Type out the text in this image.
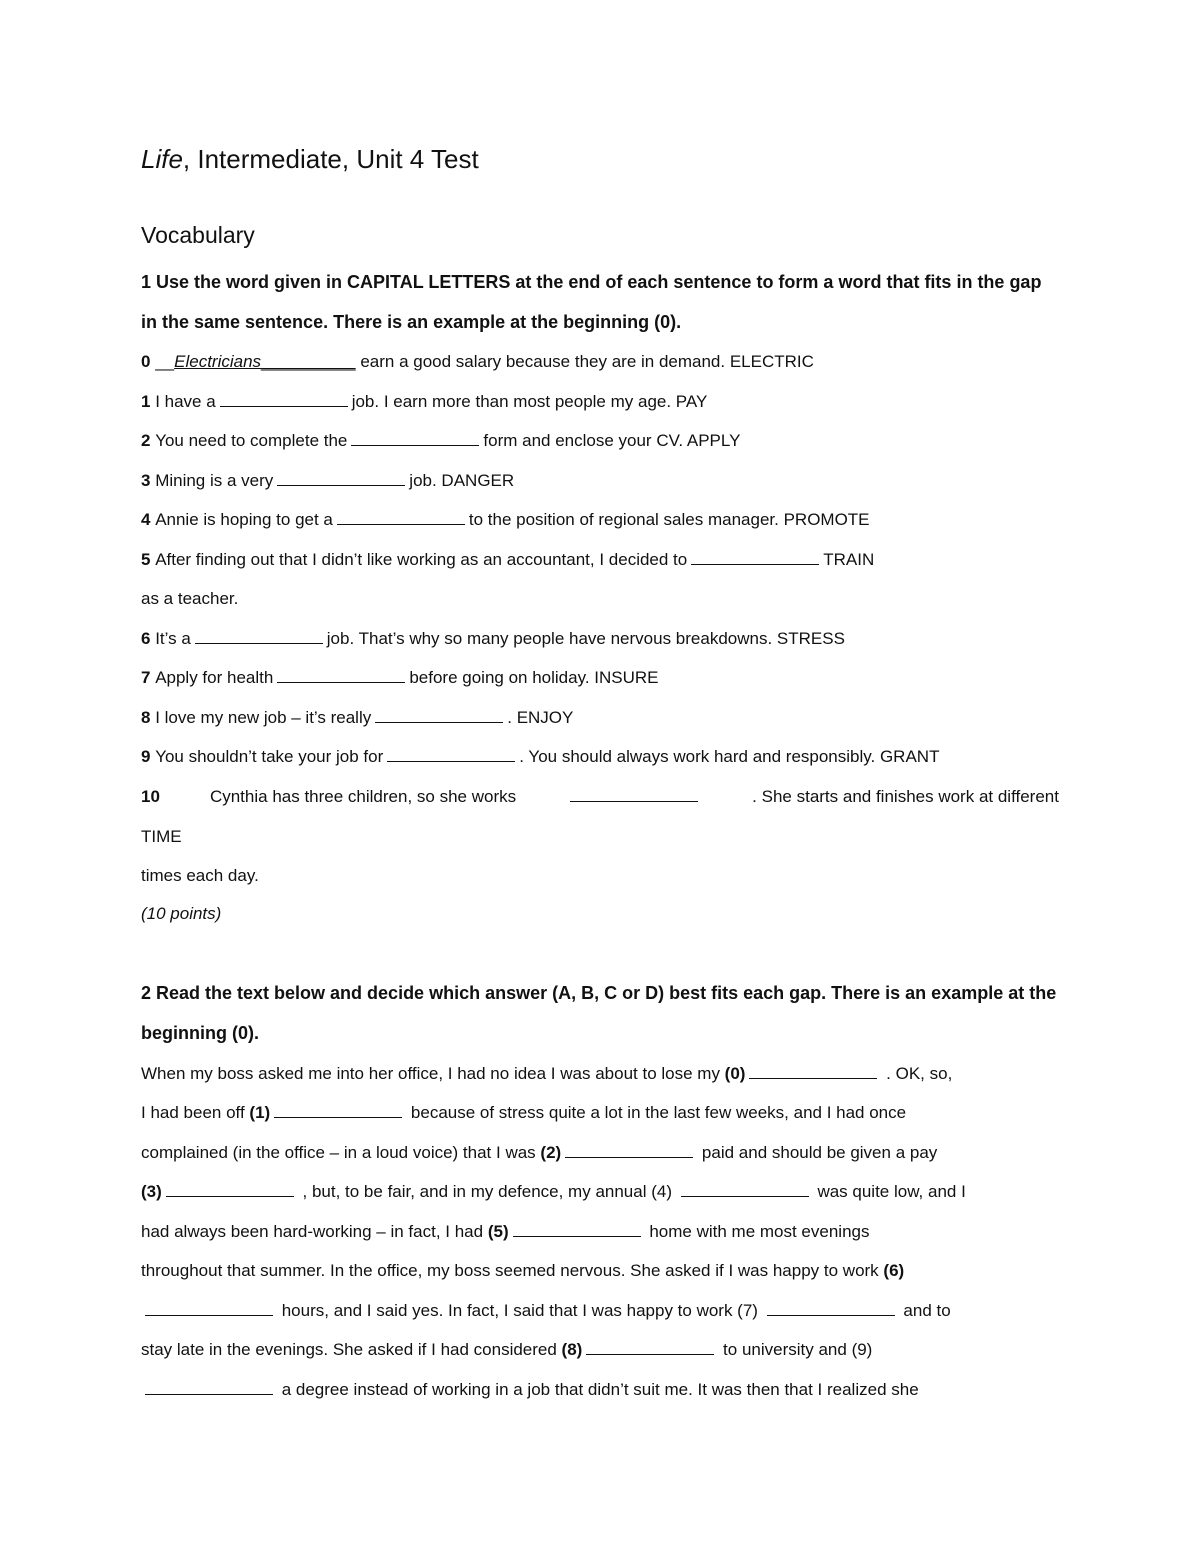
Life, Intermediate, Unit 4 Test
Vocabulary
1 Use the word given in CAPITAL LETTERS at the end of each sentence to form a word that fits in the gap in the same sentence. There is an example at the beginning (0).
0 __Electricians__________ earn a good salary because they are in demand. ELECTRIC
1 I have a	job. I earn more than most people my age. PAY
2 You need to complete the	form and enclose your CV. APPLY
3 Mining is a very	job. DANGER
4 Annie is hoping to get a	to the position of regional sales manager. PROMOTE
5 After finding out that I didn’t like working as an accountant, I decided to	TRAIN
as a teacher.
6 It’s a	job. That’s why so many people have nervous breakdowns. STRESS
7 Apply for health	before going on holiday. INSURE
8 I love my new job – it’s really	. ENJOY
9 You shouldn’t take your job for	. You should always work hard and responsibly. GRANT
10	Cynthia has three children, so she works	. She starts and finishes work at different
TIME
times each day.
(10 points)
2 Read the text below and decide which answer (A, B, C or D) best fits each gap. There is an example at the beginning (0).
When my boss asked me into her office, I had no idea I was about to lose my (0)	. OK, so,
I had been off (1)	because of stress quite a lot in the last few weeks, and I had once
complained (in the office – in a loud voice) that I was (2)	paid and should be given a pay
(3)	, but, to be fair, and in my defence, my annual (4)	was quite low, and I
had always been hard-working – in fact, I had (5)	home with me most evenings
throughout that summer. In the office, my boss seemed nervous. She asked if I was happy to work (6)
hours, and I said yes. In fact, I said that I was happy to work (7)	and to
stay late in the evenings. She asked if I had considered (8)	to university and (9)
a degree instead of working in a job that didn’t suit me. It was then that I realized she
